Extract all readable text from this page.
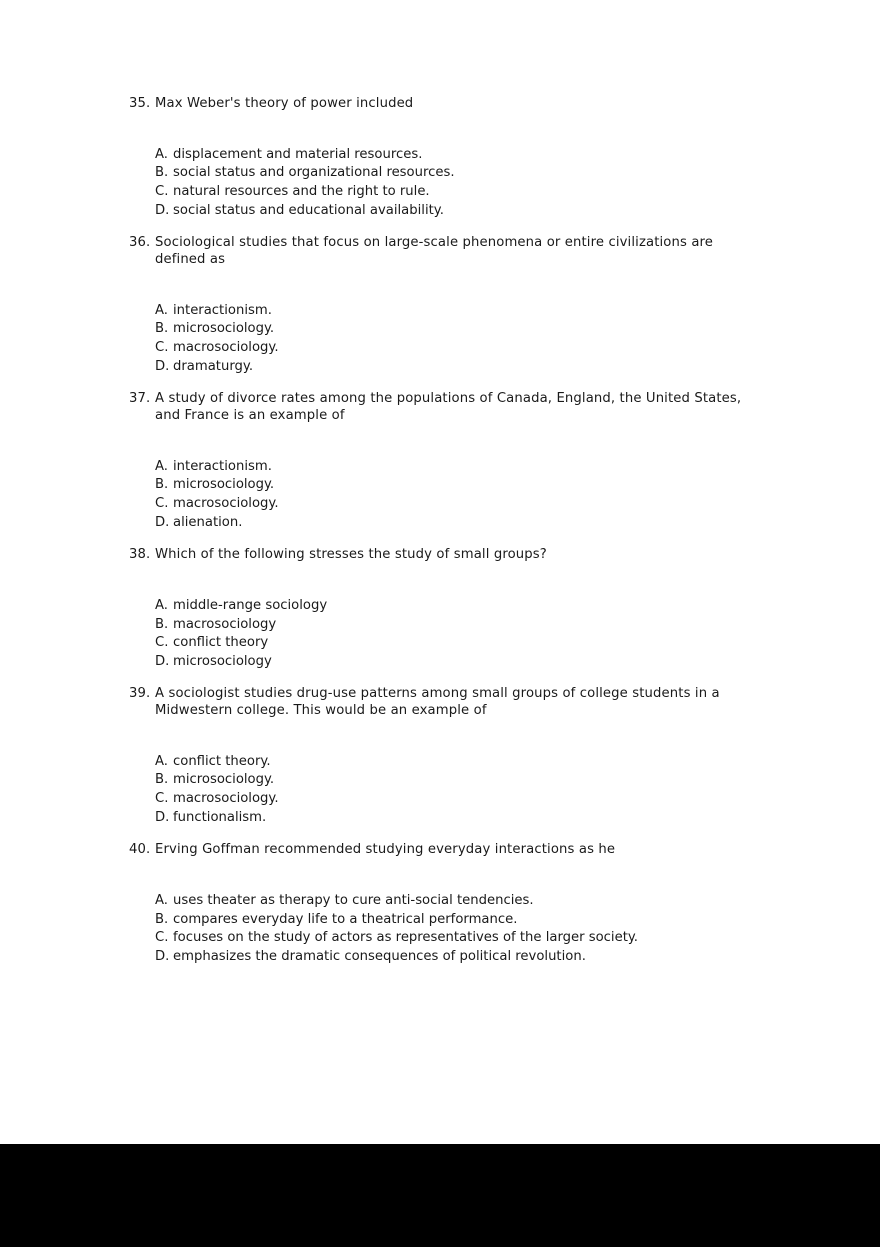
35. Max Weber's theory of power included
A. displacement and material resources.
B. social status and organizational resources.
C. natural resources and the right to rule.
D. social status and educational availability.
36. Sociological studies that focus on large-scale phenomena or entire civilizations are defined as
A. interactionism.
B. microsociology.
C. macrosociology.
D. dramaturgy.
37. A study of divorce rates among the populations of Canada, England, the United States, and France is an example of
A. interactionism.
B. microsociology.
C. macrosociology.
D. alienation.
38. Which of the following stresses the study of small groups?
A. middle-range sociology
B. macrosociology
C. conflict theory
D. microsociology
39. A sociologist studies drug-use patterns among small groups of college students in a Midwestern college. This would be an example of
A. conflict theory.
B. microsociology.
C. macrosociology.
D. functionalism.
40. Erving Goffman recommended studying everyday interactions as he
A. uses theater as therapy to cure anti-social tendencies.
B. compares everyday life to a theatrical performance.
C. focuses on the study of actors as representatives of the larger society.
D. emphasizes the dramatic consequences of political revolution.
